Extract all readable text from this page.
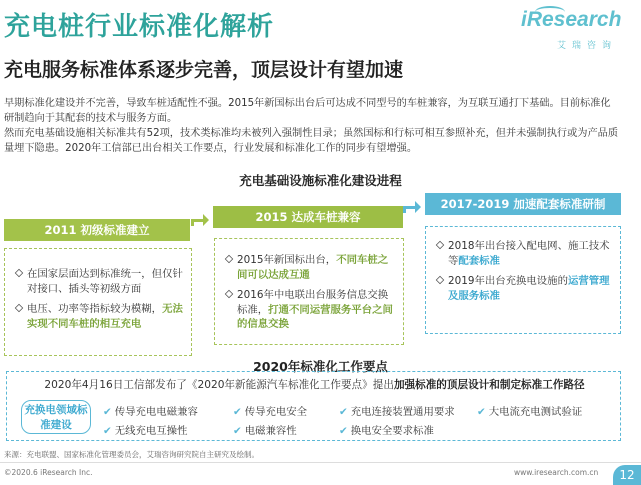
充电桩行业标准化解析	iResearch
艾瑞咨询
充电服务标准体系逐步完善，顶层设计有望加速

早期标准化建设并不完善，导致车桩适配性不强。2015年新国标出台后可达成不同型号的车桩兼容，为互联互通打下基础。目前标准化研制趋向于其配套的技术与服务方面。

然而充电基础设施相关标准共有52项，技术类标准均未被列入强制性目录；虽然国标和行标可相互参照补充，但并未强制执行或为产品质量埋下隐患。2020年工信部已出台相关工作要点，行业发展和标准化工作的同步有望增强。

充电基础设施标准化建设进程
2011 初级标准建立
2015 达成车桩兼容
2017-2019 加速配套标准研制
在国家层面达到标准统一，但仅针对接口、插头等初级方面
电压、功率等指标较为模糊，无法实现不同车桩的相互充电
2015年新国标出台，不同车桩之间可以达成互通
2016年中电联出台服务信息交换标准，打通不同运营服务平台之间的信息交换
2018年出台接入配电网、施工技术等配套标准
2019年出台充换电设施的运营管理及服务标准
2020年标准化工作要点
2020年4月16日工信部发布了《2020年新能源汽车标准化工作要点》提出加强标准的顶层设计和制定标准工作路径
充换电领域标准建设
✔ 传导充电电磁兼容	✔ 传导充电安全	✔ 充电连接装置通用要求 ✔ 大电流充电测试验证
✔ 无线充电互操性	✔ 电磁兼容性	✔ 换电安全要求标准
来源：充电联盟、国家标准化管理委员会，艾瑞咨询研究院自主研究及绘制。
©2020.6 iResearch Inc.	www.iresearch.com.cn	12
